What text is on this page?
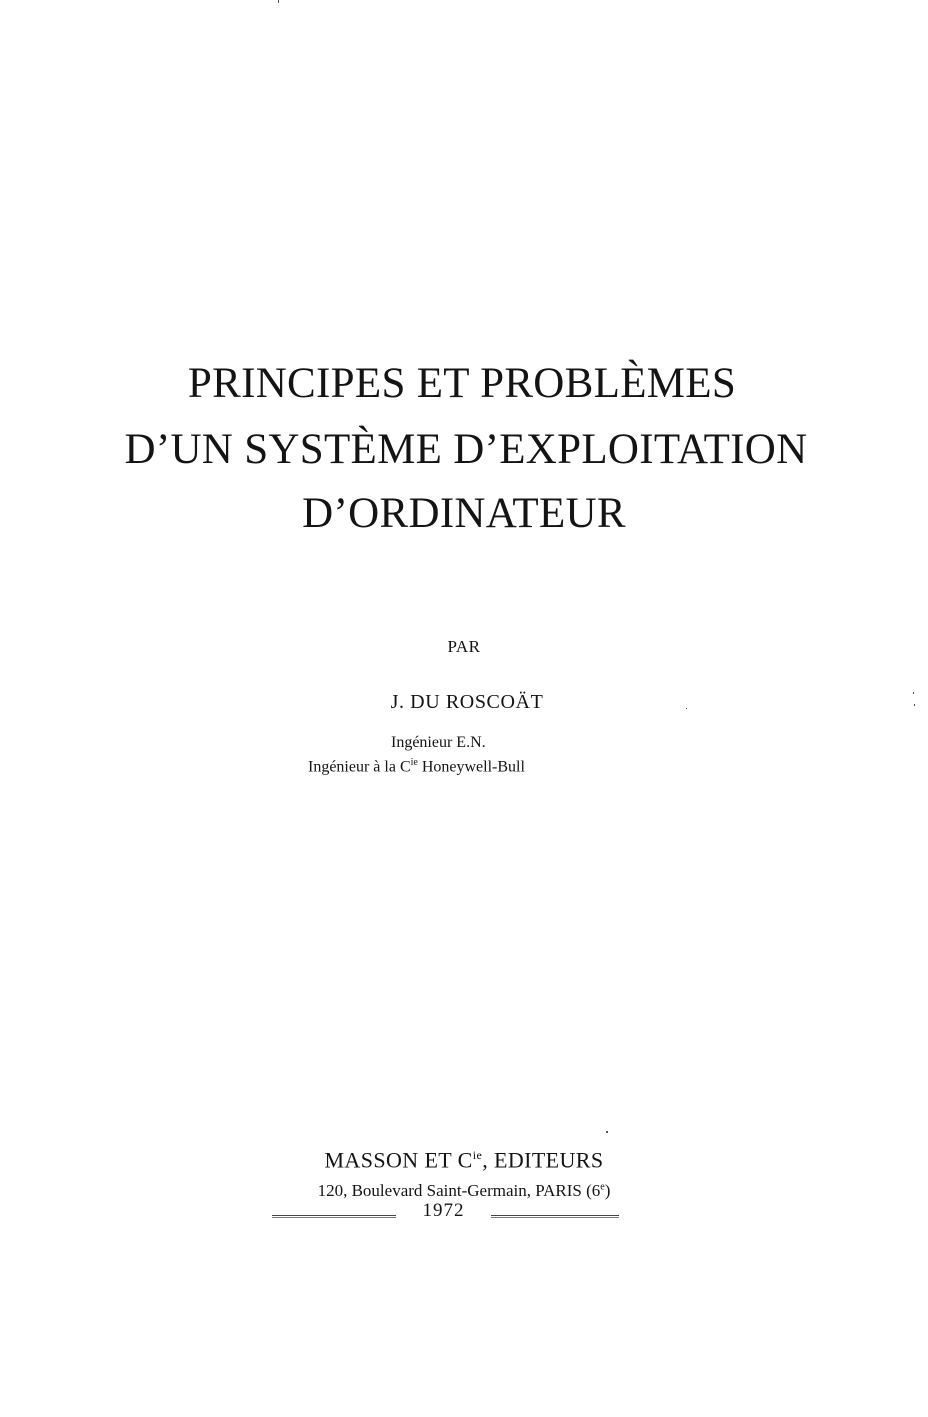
PRINCIPES ET PROBLÈMES
D’UN SYSTÈME D’EXPLOITATION
D’ORDINATEUR
PAR
J. DU ROSCOÄT
Ingénieur E.N.
Ingénieur à la $C^{ie}$ Honeywell-Bull
MASSON ET $C^{ie}$, EDITEURS
120, Boulevard Saint-Germain, PARIS (6e)
1972
